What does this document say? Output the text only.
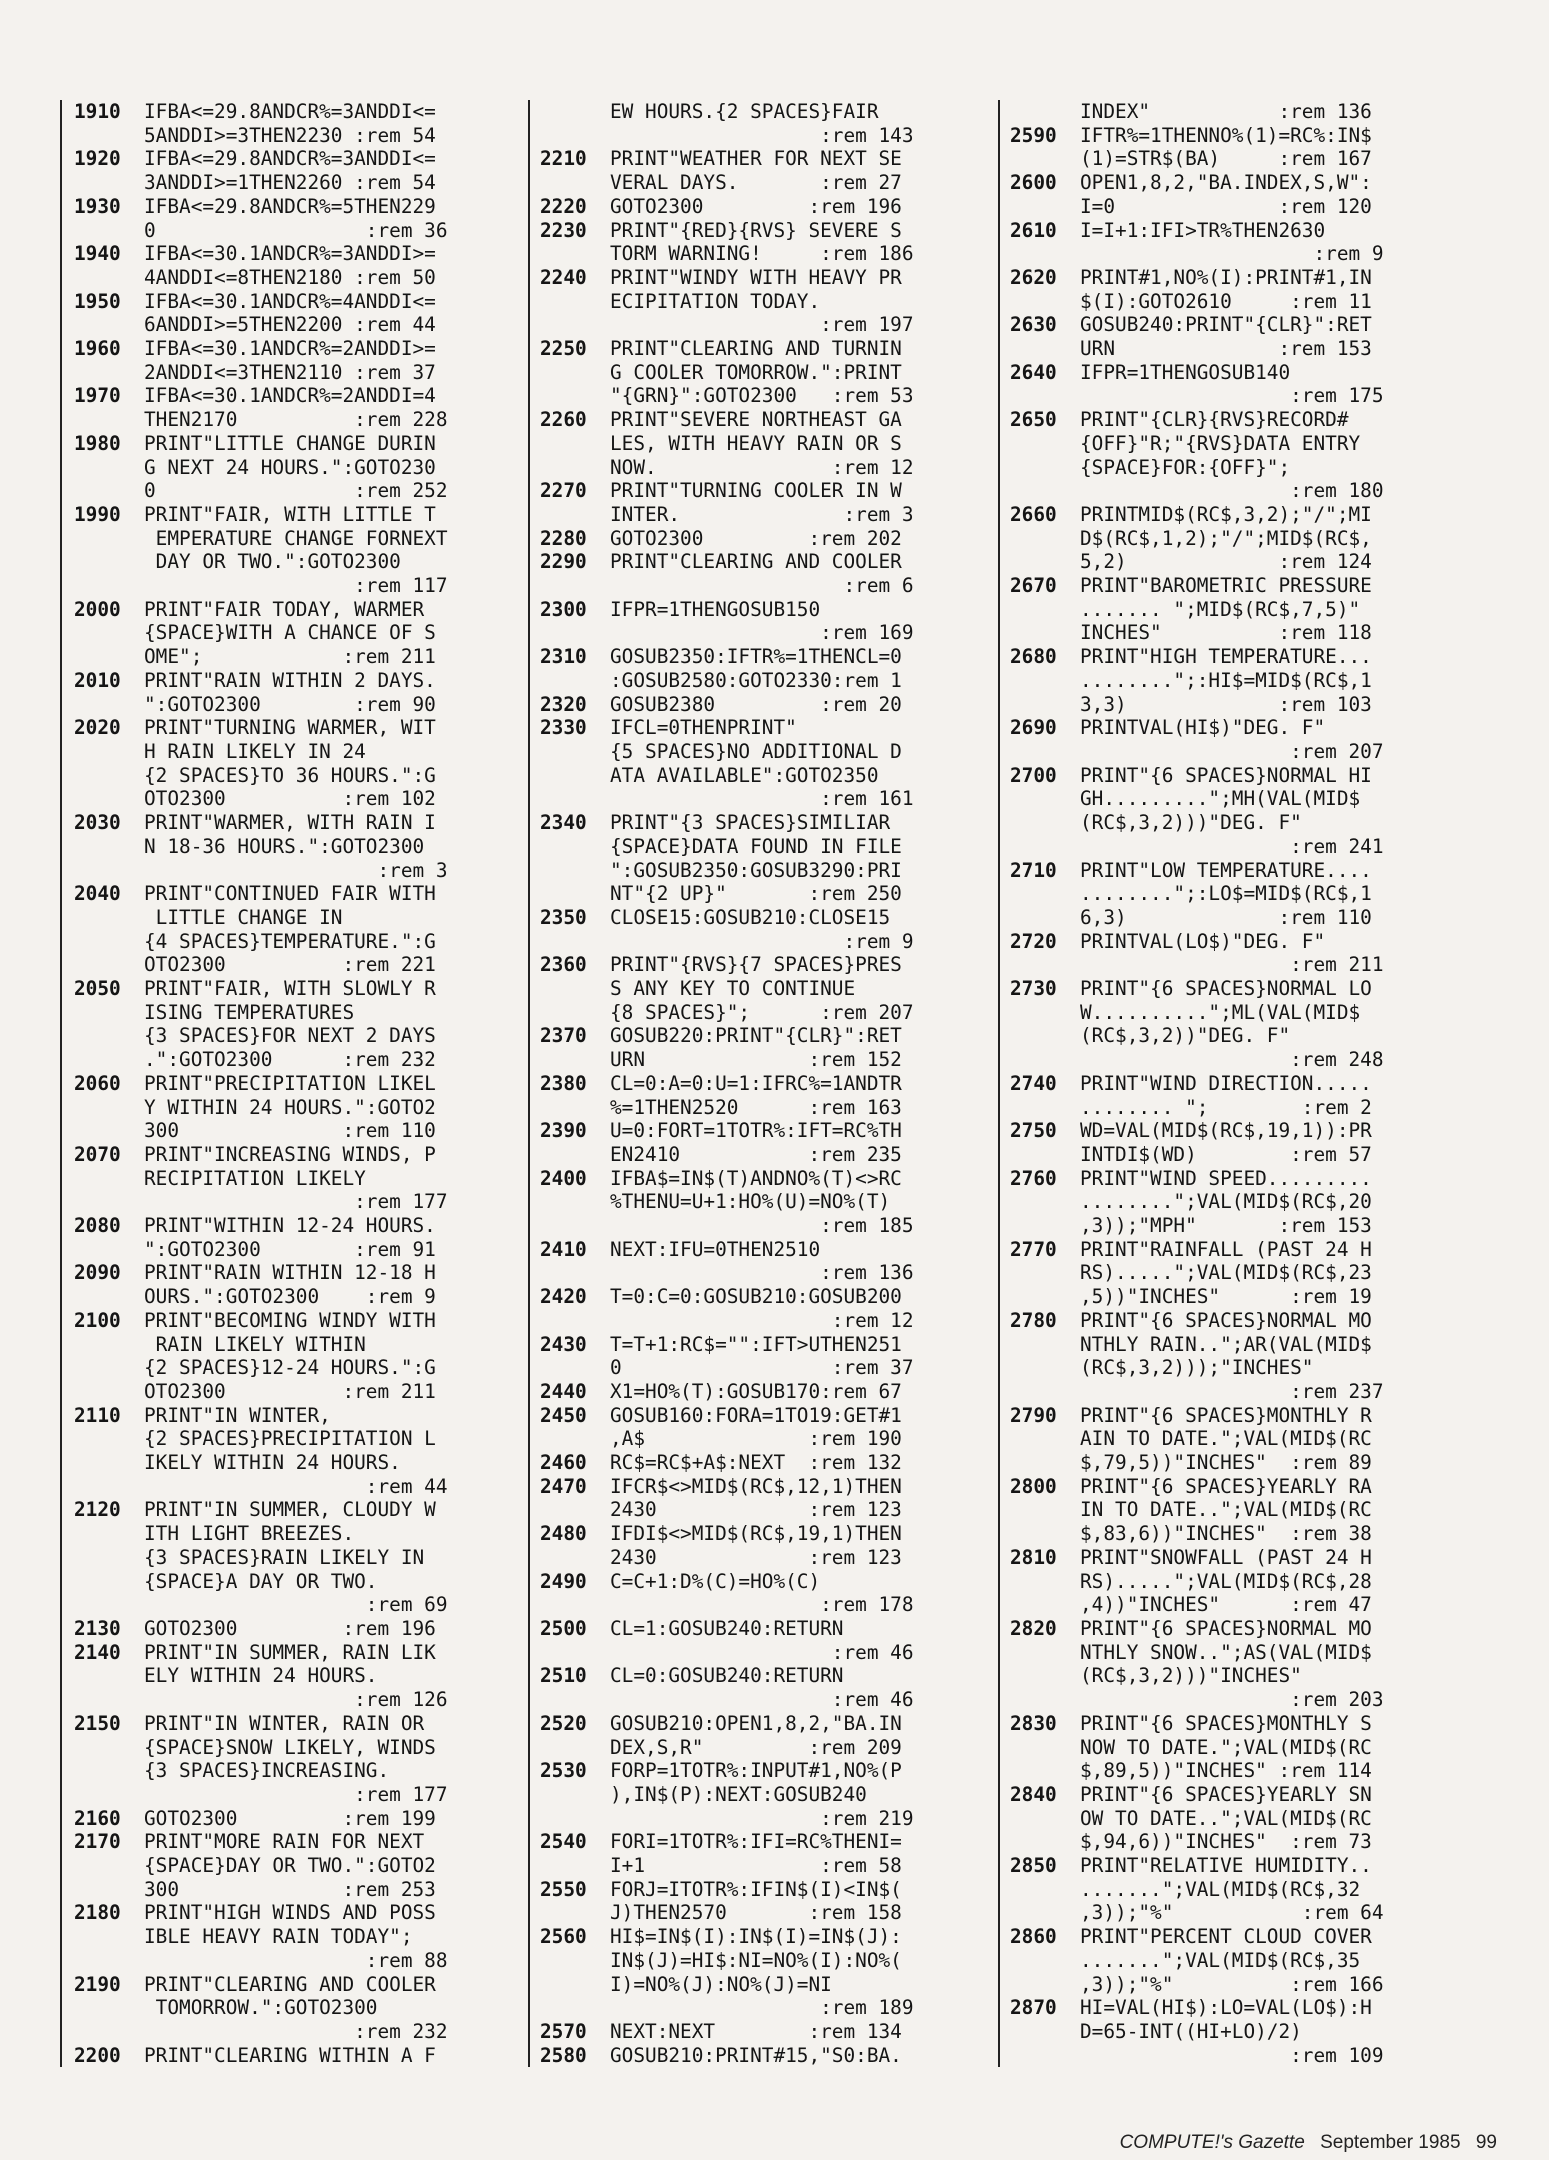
1910	IFBA<=29.8ANDCR%=3ANDDI<=
5ANDDI>=3THEN2230 :rem 54
1920	IFBA<=29.8ANDCR%=3ANDDI<=
3ANDDI>=1THEN2260 :rem 54
1930	IFBA<=29.8ANDCR%=5THEN229
0                  :rem 36
1940	IFBA<=30.1ANDCR%=3ANDDI>=
4ANDDI<=8THEN2180 :rem 50
1950	IFBA<=30.1ANDCR%=4ANDDI<=
6ANDDI>=5THEN2200 :rem 44
1960	IFBA<=30.1ANDCR%=2ANDDI>=
2ANDDI<=3THEN2110 :rem 37
1970	IFBA<=30.1ANDCR%=2ANDDI=4
THEN2170          :rem 228
1980	PRINT"LITTLE CHANGE DURIN
G NEXT 24 HOURS.":GOTO230
0                 :rem 252
1990	PRINT"FAIR, WITH LITTLE T
EMPERATURE CHANGE FORNEXT
DAY OR TWO.":GOTO2300
:rem 117
2000	PRINT"FAIR TODAY, WARMER
{SPACE}WITH A CHANCE OF S
OME";            :rem 211
2010	PRINT"RAIN WITHIN 2 DAYS.
":GOTO2300        :rem 90
2020	PRINT"TURNING WARMER, WIT
H RAIN LIKELY IN 24
{2 SPACES}TO 36 HOURS.":G
OTO2300          :rem 102
2030	PRINT"WARMER, WITH RAIN I
N 18-36 HOURS.":GOTO2300
:rem 3
2040	PRINT"CONTINUED FAIR WITH
LITTLE CHANGE IN
{4 SPACES}TEMPERATURE.":G
OTO2300          :rem 221
2050	PRINT"FAIR, WITH SLOWLY R
ISING TEMPERATURES
{3 SPACES}FOR NEXT 2 DAYS
.":GOTO2300      :rem 232
2060	PRINT"PRECIPITATION LIKEL
Y WITHIN 24 HOURS.":GOTO2
300              :rem 110
2070	PRINT"INCREASING WINDS, P
RECIPITATION LIKELY
:rem 177
2080	PRINT"WITHIN 12-24 HOURS.
":GOTO2300        :rem 91
2090	PRINT"RAIN WITHIN 12-18 H
OURS.":GOTO2300    :rem 9
2100	PRINT"BECOMING WINDY WITH
RAIN LIKELY WITHIN
{2 SPACES}12-24 HOURS.":G
OTO2300          :rem 211
2110	PRINT"IN WINTER,
{2 SPACES}PRECIPITATION L
IKELY WITHIN 24 HOURS.
:rem 44
2120	PRINT"IN SUMMER, CLOUDY W
ITH LIGHT BREEZES.
{3 SPACES}RAIN LIKELY IN
{SPACE}A DAY OR TWO.
:rem 69
2130	GOTO2300         :rem 196
2140	PRINT"IN SUMMER, RAIN LIK
ELY WITHIN 24 HOURS.
:rem 126
2150	PRINT"IN WINTER, RAIN OR
{SPACE}SNOW LIKELY, WINDS
{3 SPACES}INCREASING.
:rem 177
2160	GOTO2300         :rem 199
2170	PRINT"MORE RAIN FOR NEXT
{SPACE}DAY OR TWO.":GOTO2
300              :rem 253
2180	PRINT"HIGH WINDS AND POSS
IBLE HEAVY RAIN TODAY";
:rem 88
2190	PRINT"CLEARING AND COOLER
TOMORROW.":GOTO2300
:rem 232
2200	PRINT"CLEARING WITHIN A F
EW HOURS.{2 SPACES}FAIR
:rem 143
2210	PRINT"WEATHER FOR NEXT SE
VERAL DAYS.       :rem 27
2220	GOTO2300         :rem 196
2230	PRINT"{RED}{RVS} SEVERE S
TORM WARNING!     :rem 186
2240	PRINT"WINDY WITH HEAVY PR
ECIPITATION TODAY.
:rem 197
2250	PRINT"CLEARING AND TURNIN
G COOLER TOMORROW.":PRINT
"{GRN}":GOTO2300   :rem 53
2260	PRINT"SEVERE NORTHEAST GA
LES, WITH HEAVY RAIN OR S
NOW.               :rem 12
2270	PRINT"TURNING COOLER IN W
INTER.              :rem 3
2280	GOTO2300         :rem 202
2290	PRINT"CLEARING AND COOLER
:rem 6
2300	IFPR=1THENGOSUB150
:rem 169
2310	GOSUB2350:IFTR%=1THENCL=0
:GOSUB2580:GOTO2330:rem 1
2320	GOSUB2380         :rem 20
2330	IFCL=0THENPRINT"
{5 SPACES}NO ADDITIONAL D
ATA AVAILABLE":GOTO2350
:rem 161
2340	PRINT"{3 SPACES}SIMILIAR
{SPACE}DATA FOUND IN FILE
":GOSUB2350:GOSUB3290:PRI
NT"{2 UP}"       :rem 250
2350	CLOSE15:GOSUB210:CLOSE15
:rem 9
2360	PRINT"{RVS}{7 SPACES}PRES
S ANY KEY TO CONTINUE
{8 SPACES}";      :rem 207
2370	GOSUB220:PRINT"{CLR}":RET
URN              :rem 152
2380	CL=0:A=0:U=1:IFRC%=1ANDTR
%=1THEN2520      :rem 163
2390	U=0:FORT=1TOTR%:IFT=RC%TH
EN2410           :rem 235
2400	IFBA$=IN$(T)ANDNO%(T)<>RC
%THENU=U+1:HO%(U)=NO%(T)
:rem 185
2410	NEXT:IFU=0THEN2510
:rem 136
2420	T=0:C=0:GOSUB210:GOSUB200
:rem 12
2430	T=T+1:RC$="":IFT>UTHEN251
0                  :rem 37
2440	X1=HO%(T):GOSUB170:rem 67
2450	GOSUB160:FORA=1TO19:GET#1
,A$              :rem 190
2460	RC$=RC$+A$:NEXT  :rem 132
2470	IFCR$<>MID$(RC$,12,1)THEN
2430             :rem 123
2480	IFDI$<>MID$(RC$,19,1)THEN
2430             :rem 123
2490	C=C+1:D%(C)=HO%(C)
:rem 178
2500	CL=1:GOSUB240:RETURN
:rem 46
2510	CL=0:GOSUB240:RETURN
:rem 46
2520	GOSUB210:OPEN1,8,2,"BA.IN
DEX,S,R"         :rem 209
2530	FORP=1TOTR%:INPUT#1,NO%(P
),IN$(P):NEXT:GOSUB240
:rem 219
2540	FORI=1TOTR%:IFI=RC%THENI=
I+1               :rem 58
2550	FORJ=ITOTR%:IFIN$(I)<IN$(
J)THEN2570       :rem 158
2560	HI$=IN$(I):IN$(I)=IN$(J):
IN$(J)=HI$:NI=NO%(I):NO%(
I)=NO%(J):NO%(J)=NI
:rem 189
2570	NEXT:NEXT        :rem 134
2580	GOSUB210:PRINT#15,"S0:BA.
INDEX"           :rem 136
2590	IFTR%=1THENNO%(1)=RC%:IN$
(1)=STR$(BA)     :rem 167
2600	OPEN1,8,2,"BA.INDEX,S,W":
I=0              :rem 120
2610	I=I+1:IFI>TR%THEN2630
:rem 9
2620	PRINT#1,NO%(I):PRINT#1,IN
$(I):GOTO2610     :rem 11
2630	GOSUB240:PRINT"{CLR}":RET
URN              :rem 153
2640	IFPR=1THENGOSUB140
:rem 175
2650	PRINT"{CLR}{RVS}RECORD#
{OFF}"R;"{RVS}DATA ENTRY
{SPACE}FOR:{OFF}";
:rem 180
2660	PRINTMID$(RC$,3,2);"/";MI
D$(RC$,1,2);"/";MID$(RC$,
5,2)             :rem 124
2670	PRINT"BAROMETRIC PRESSURE
....... ";MID$(RC$,7,5)"
INCHES"          :rem 118
2680	PRINT"HIGH TEMPERATURE...
........";:HI$=MID$(RC$,1
3,3)             :rem 103
2690	PRINTVAL(HI$)"DEG. F"
:rem 207
2700	PRINT"{6 SPACES}NORMAL HI
GH.........";MH(VAL(MID$
(RC$,3,2)))"DEG. F"
:rem 241
2710	PRINT"LOW TEMPERATURE....
........";:LO$=MID$(RC$,1
6,3)             :rem 110
2720	PRINTVAL(LO$)"DEG. F"
:rem 211
2730	PRINT"{6 SPACES}NORMAL LO
W..........";ML(VAL(MID$
(RC$,3,2))"DEG. F"
:rem 248
2740	PRINT"WIND DIRECTION.....
........ ";        :rem 2
2750	WD=VAL(MID$(RC$,19,1)):PR
INTDI$(WD)        :rem 57
2760	PRINT"WIND SPEED.........
........";VAL(MID$(RC$,20
,3));"MPH"       :rem 153
2770	PRINT"RAINFALL (PAST 24 H
RS).....";VAL(MID$(RC$,23
,5))"INCHES"      :rem 19
2780	PRINT"{6 SPACES}NORMAL MO
NTHLY RAIN..";AR(VAL(MID$
(RC$,3,2)));"INCHES"
:rem 237
2790	PRINT"{6 SPACES}MONTHLY R
AIN TO DATE.";VAL(MID$(RC
$,79,5))"INCHES"  :rem 89
2800	PRINT"{6 SPACES}YEARLY RA
IN TO DATE..";VAL(MID$(RC
$,83,6))"INCHES"  :rem 38
2810	PRINT"SNOWFALL (PAST 24 H
RS).....";VAL(MID$(RC$,28
,4))"INCHES"      :rem 47
2820	PRINT"{6 SPACES}NORMAL MO
NTHLY SNOW..";AS(VAL(MID$
(RC$,3,2)))"INCHES"
:rem 203
2830	PRINT"{6 SPACES}MONTHLY S
NOW TO DATE.";VAL(MID$(RC
$,89,5))"INCHES" :rem 114
2840	PRINT"{6 SPACES}YEARLY SN
OW TO DATE..";VAL(MID$(RC
$,94,6))"INCHES"  :rem 73
2850	PRINT"RELATIVE HUMIDITY..
.......";VAL(MID$(RC$,32
,3));"%"           :rem 64
2860	PRINT"PERCENT CLOUD COVER
.......";VAL(MID$(RC$,35
,3));"%"          :rem 166
2870	HI=VAL(HI$):LO=VAL(LO$):H
D=65-INT((HI+LO)/2)
:rem 109
COMPUTE!'s Gazette September 1985 99
